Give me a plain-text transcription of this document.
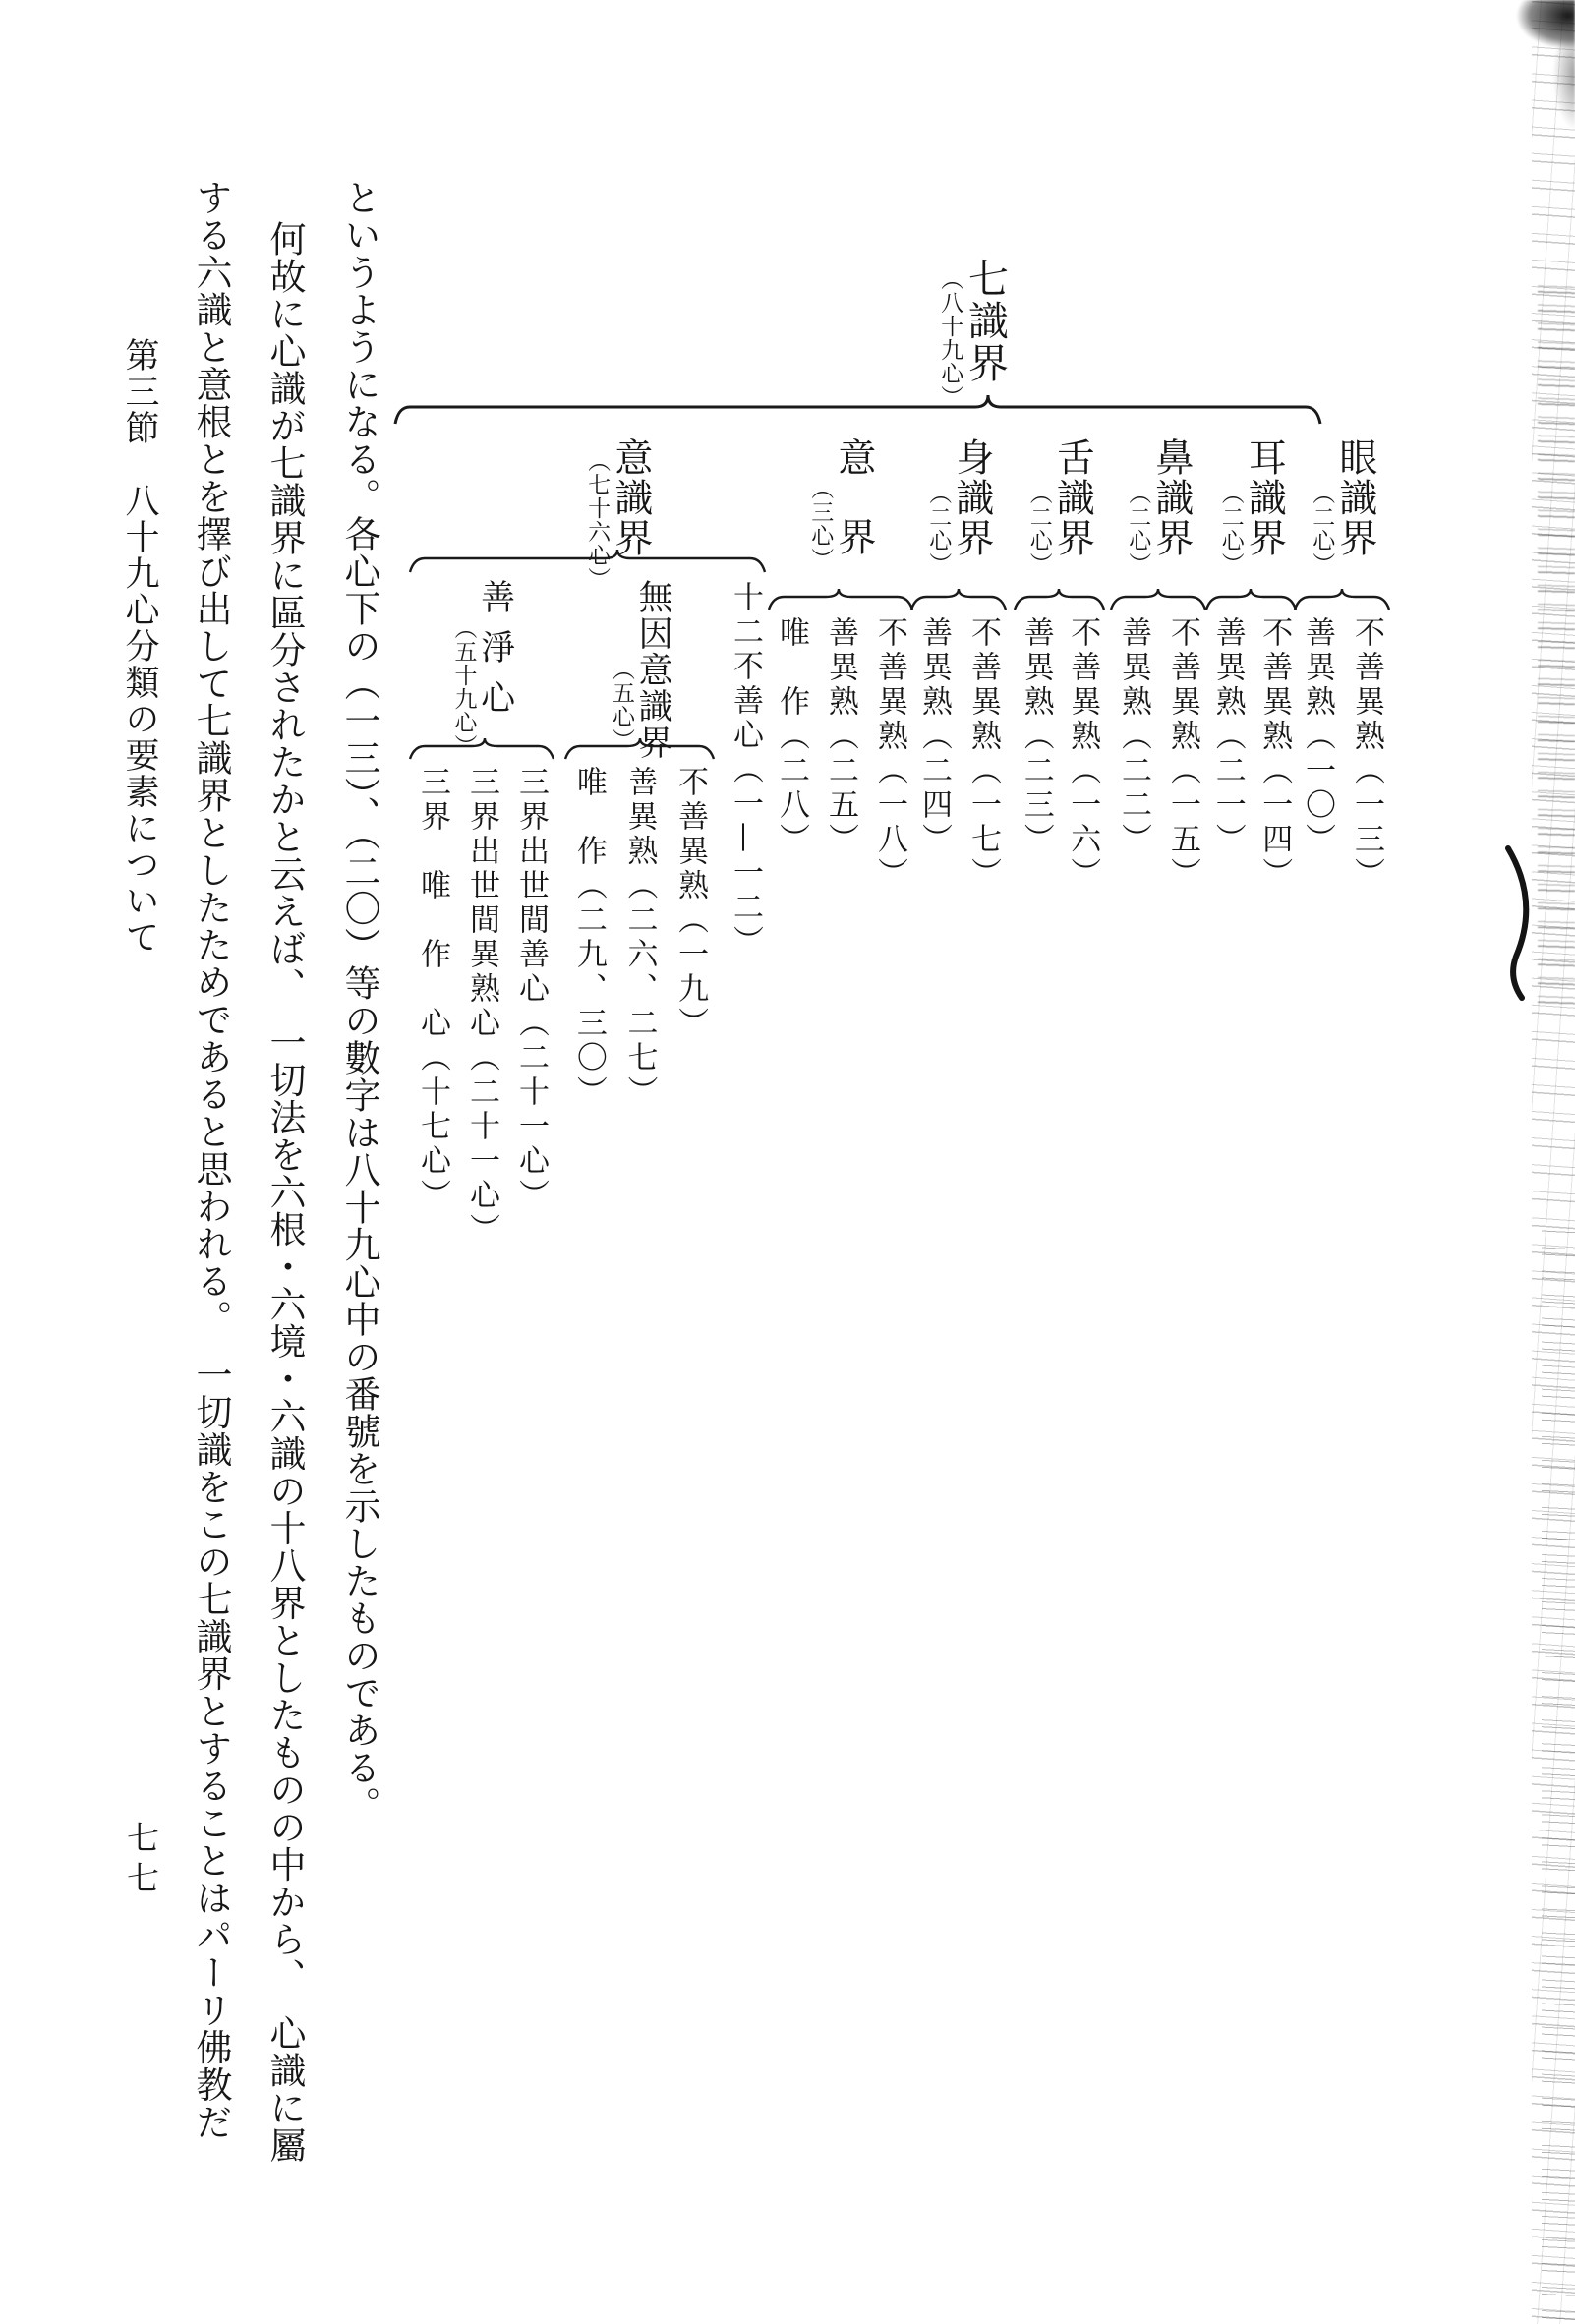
（八十九心）
七識界
（二心）
眼識界
不善異熟（一三）
善異熟（一〇）
（二心）
耳識界
不善異熟（一四）
善異熟（二一）
（二心）
鼻識界
不善異熟（一五）
善異熟（二二）
（二心）
舌識界
不善異熟（一六）
善異熟（二三）
（二心）
身識界
不善異熟（一七）
善異熟（二四）
（三心）
意界
不善異熟（一八）
善異熟（二五）
唯　作（二八）
（七十六心）
意識界
十二不善心（一—一二）
（五心） 無因意識界
不善異熟（一九）
善異熟（二六、二七）
唯　作（二九、三〇）
（五十九心） 善淨心
三界出世間善心（二十一心）
三界出世間異熟心（二十一心）
三界　唯　作　心（十七心）
というようになる。各心下の（一三）、（二〇）等の數字は八十九心中の番號を示したものである。
何故に心識が七識界に區分されたかと云えば、　一切法を六根・六境・六識の十八界としたものの中から、　心識に屬
する六識と意根とを擇び出して七識界としたためであると思われる。　一切識をこの七識界とすることはパーリ佛教だ
第三節　八十九心分類の要素について
七七
